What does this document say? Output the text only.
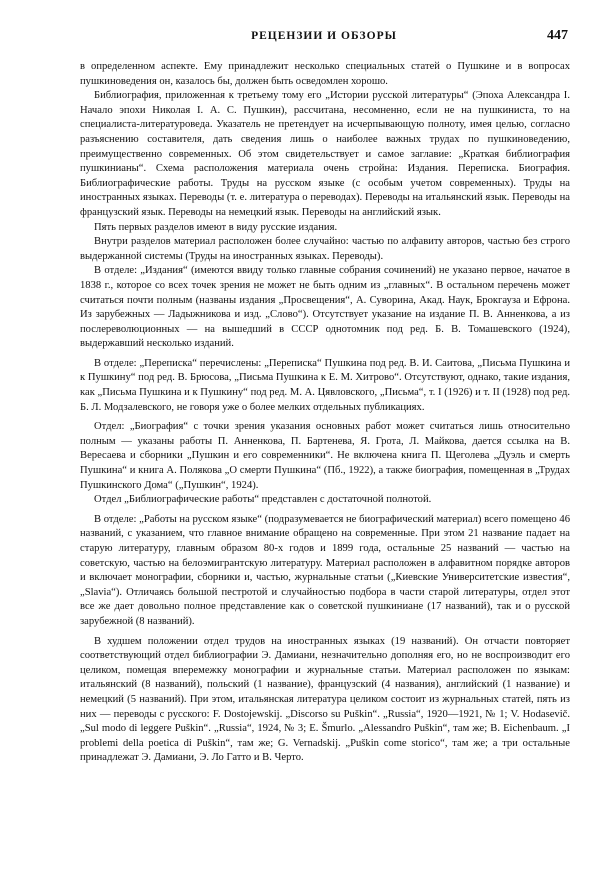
РЕЦЕНЗИИ И ОБЗОРЫ	447

в определенном аспекте. Ему принадлежит несколько специальных статей о Пушкине и в вопросах пушкиноведения он, казалось бы, должен быть осведомлен хорошо.

Библиография, приложенная к третьему тому его „Истории русской литературы“ (Эпоха Александра I. Начало эпохи Николая I. А. С. Пушкин), рассчитана, несомненно, если не на пушкиниста, то на специалиста-литературоведа. Указатель не претендует на исчерпывающую полноту, имея целью, согласно разъяснению составителя, дать сведения лишь о наиболее важных трудах по пушкиноведению, преимущественно современных. Об этом свидетельствует и самое заглавие: „Краткая библиография пушкинианы“. Схема расположения материала очень стройна: Издания. Переписка. Биография. Библиографические работы. Труды на русском языке (с особым учетом современных). Труды на иностранных языках. Переводы (т. е. литература о переводах). Переводы на итальянский язык. Переводы на французский язык. Переводы на немецкий язык. Переводы на английский язык.

Пять первых разделов имеют в виду русские издания.

Внутри разделов материал расположен более случайно: частью по алфавиту авторов, частью без строго выдержанной системы (Труды на иностранных языках. Переводы).

В отделе: „Издания“ (имеются ввиду только главные собрания сочинений) не указано первое, начатое в 1838 г., которое со всех точек зрения не может не быть одним из „главных“. В остальном перечень может считаться почти полным (названы издания „Просвещения“, А. Суворина, Акад. Наук, Брокгауза и Ефрона. Из зарубежных — Ладыжникова и изд. „Слово“). Отсутствует указание на издание П. В. Анненкова, а из послереволюционных — на вышедший в СССР однотомник под ред. Б. В. Томашевского (1924), выдержавший несколько изданий.

В отделе: „Переписка“ перечислены: „Переписка“ Пушкина под ред. В. И. Саитова, „Письма Пушкина и к Пушкину“ под ред. В. Брюсова, „Письма Пушкина к Е. М. Хитрово“. Отсутствуют, однако, такие издания, как „Письма Пушкина и к Пушкину“ под ред. М. А. Цявловского, „Письма“, т. I (1926) и т. II (1928) под ред. Б. Л. Модзалевского, не говоря уже о более мелких отдельных публикациях.

Отдел: „Биография“ с точки зрения указания основных работ может считаться лишь относительно полным — указаны работы П. Анненкова, П. Бартенева, Я. Грота, Л. Майкова, дается ссылка на В. Вересаева и сборники „Пушкин и его современники“. Не включена книга П. Щеголева „Дуэль и смерть Пушкина“ и книга А. Полякова „О смерти Пушкина“ (Пб., 1922), а также биография, помещенная в „Трудах Пушкинского Дома“ („Пушкин“, 1924).

Отдел „Библиографические работы“ представлен с достаточной полнотой.

В отделе: „Работы на русском языке“ (подразумевается не биографический материал) всего помещено 46 названий, с указанием, что главное внимание обращено на современные. При этом 21 название падает на старую литературу, главным образом 80-х годов и 1899 года, остальные 25 названий — частью на советскую, частью на белоэмигрантскую литературу. Материал расположен в алфавитном порядке авторов и включает монографии, сборники и, частью, журнальные статьи („Киевские Университетские известия“, „Slavia“). Отличаясь большой пестротой и случайностью подбора в части старой литературы, отдел этот все же дает довольно полное представление как о советской пушкиниане (17 названий), так и о русской зарубежной (8 названий).

В худшем положении отдел трудов на иностранных языках (19 названий). Он отчасти повторяет соответствующий отдел библиографии Э. Дамиани, незначительно дополняя его, но не воспроизводит его целиком, помещая вперемежку монографии и журнальные статьи. Материал расположен по языкам: итальянский (8 названий), польский (1 название), французский (4 названия), английский (1 название) и немецкий (5 названий). При этом, итальянская литература целиком состоит из журнальных статей, пять из них — переводы с русского: F. Dostojewskij. „Discorso su Puškin“. „Russia“, 1920—1921, № 1; V. Hodasevič. „Sul modo di leggere Puškin“. „Russia“, 1924, № 3; E. Šmurlo. „Alessandro Puškin“, там же; B. Eichenbaum. „I problemi della poetica di Puškin“, там же; G. Vernadskij. „Puškin come storico“, там же; а три остальные принадлежат Э. Дамиани, Э. Ло Гатто и В. Черто.
